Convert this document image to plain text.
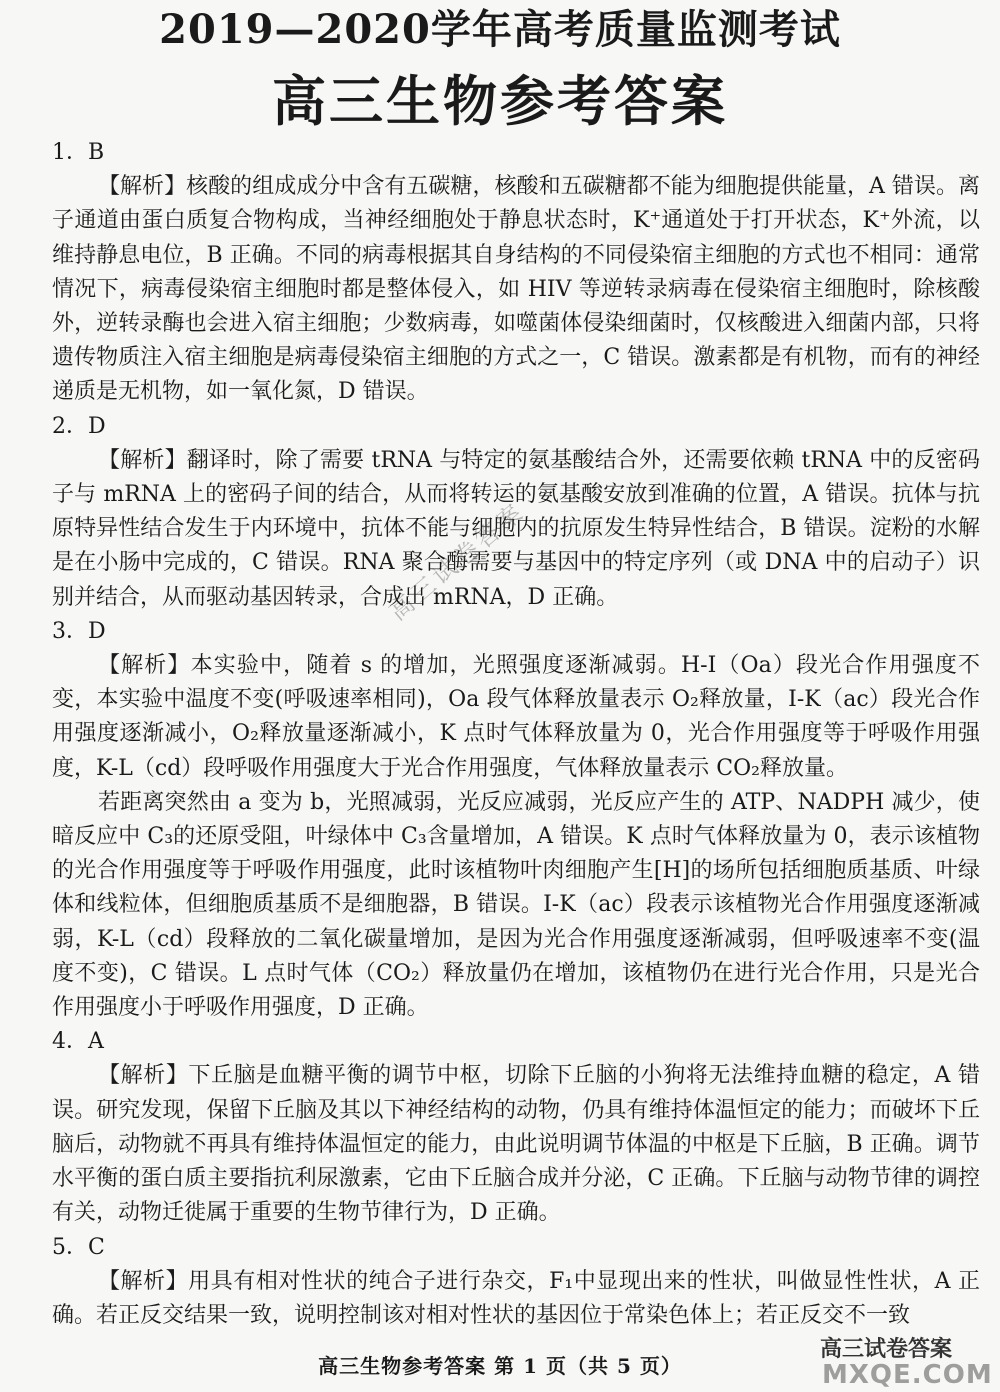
2019—2020学年高考质量监测考试
高三生物参考答案

1．B

【解析】核酸的组成成分中含有五碳糖，核酸和五碳糖都不能为细胞提供能量，A 错误。离子通道由蛋白质复合物构成，当神经细胞处于静息状态时，K⁺通道处于打开状态，K⁺外流，以维持静息电位，B 正确。不同的病毒根据其自身结构的不同侵染宿主细胞的方式也不相同：通常情况下，病毒侵染宿主细胞时都是整体侵入，如 HIV 等逆转录病毒在侵染宿主细胞时，除核酸外，逆转录酶也会进入宿主细胞；少数病毒，如噬菌体侵染细菌时，仅核酸进入细菌内部，只将遗传物质注入宿主细胞是病毒侵染宿主细胞的方式之一，C 错误。激素都是有机物，而有的神经递质是无机物，如一氧化氮，D 错误。

2．D

【解析】翻译时，除了需要 tRNA 与特定的氨基酸结合外，还需要依赖 tRNA 中的反密码子与 mRNA 上的密码子间的结合，从而将转运的氨基酸安放到准确的位置，A 错误。抗体与抗原特异性结合发生于内环境中，抗体不能与细胞内的抗原发生特异性结合，B 错误。淀粉的水解是在小肠中完成的，C 错误。RNA 聚合酶需要与基因中的特定序列（或 DNA 中的启动子）识别并结合，从而驱动基因转录，合成出 mRNA，D 正确。

3．D

【解析】本实验中，随着 s 的增加，光照强度逐渐减弱。H-I（Oa）段光合作用强度不变，本实验中温度不变(呼吸速率相同)，Oa 段气体释放量表示 O₂释放量，I-K（ac）段光合作用强度逐渐减小，O₂释放量逐渐减小，K 点时气体释放量为 0，光合作用强度等于呼吸作用强度，K-L（cd）段呼吸作用强度大于光合作用强度，气体释放量表示 CO₂释放量。

若距离突然由 a 变为 b，光照减弱，光反应减弱，光反应产生的 ATP、NADPH 减少，使暗反应中 C₃的还原受阻，叶绿体中 C₃含量增加，A 错误。K 点时气体释放量为 0，表示该植物的光合作用强度等于呼吸作用强度，此时该植物叶肉细胞产生[H]的场所包括细胞质基质、叶绿体和线粒体，但细胞质基质不是细胞器，B 错误。I-K（ac）段表示该植物光合作用强度逐渐减弱，K-L（cd）段释放的二氧化碳量增加，是因为光合作用强度逐渐减弱，但呼吸速率不变(温度不变)，C 错误。L 点时气体（CO₂）释放量仍在增加，该植物仍在进行光合作用，只是光合作用强度小于呼吸作用强度，D 正确。

4．A

【解析】下丘脑是血糖平衡的调节中枢，切除下丘脑的小狗将无法维持血糖的稳定，A 错误。研究发现，保留下丘脑及其以下神经结构的动物，仍具有维持体温恒定的能力；而破坏下丘脑后，动物就不再具有维持体温恒定的能力，由此说明调节体温的中枢是下丘脑，B 正确。调节水平衡的蛋白质主要指抗利尿激素，它由下丘脑合成并分泌，C 正确。下丘脑与动物节律的调控有关，动物迁徙属于重要的生物节律行为，D 正确。

5．C

【解析】用具有相对性状的纯合子进行杂交，F₁中显现出来的性状，叫做显性性状，A 正确。若正反交结果一致，说明控制该对相对性状的基因位于常染色体上；若正反交不一致

高三试卷答案
高三生物参考答案 第 1 页（共 5 页）
高三试卷答案
MXQE.COM
